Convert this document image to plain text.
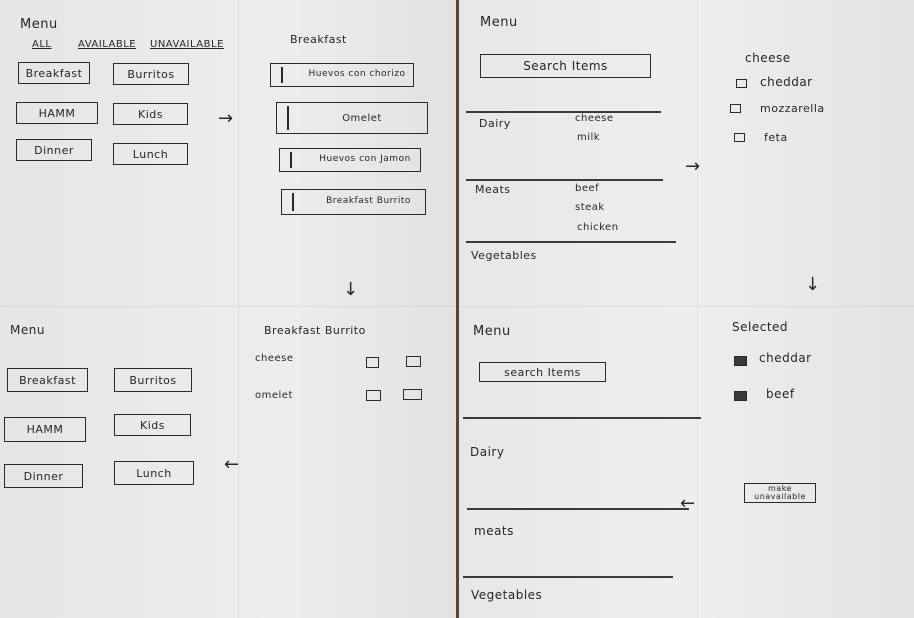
Menu
ALL	AVAILABLE UNAVAILABLE
Breakfast	Burritos
HAMM	Kids
Dinner	Lunch
→
Breakfast
Huevos con chorizo
Omelet
Huevos con Jamon
Breakfast Burrito
↓
Menu
Breakfast	Burritos
HAMM	Kids
Dinner	Lunch	←
Breakfast Burrito
cheese
omelet
Menu
Search Items
Dairy	cheese
milk
Meats	beef
steak
chicken
Vegetables
→
cheese
cheddar
mozzarella
feta
↓
Menu
search Items
Dairy
meats
Vegetables
←
Selected
cheddar
beef
make unavailable
